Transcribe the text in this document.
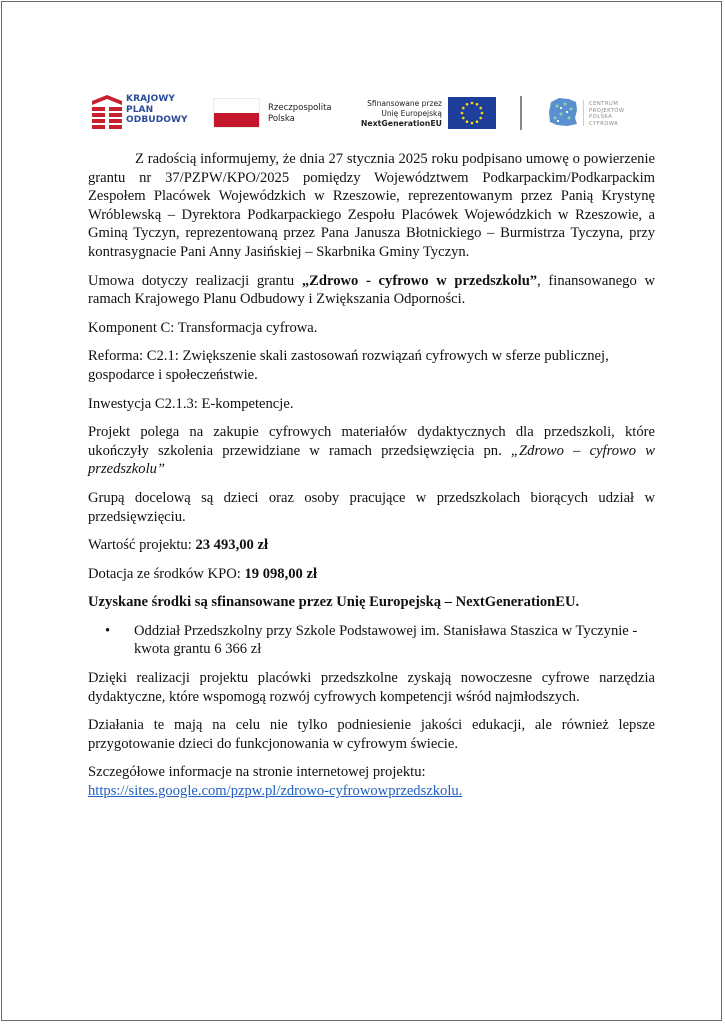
KRAJOWY
PLAN
ODBUDOWY
Rzeczpospolita
Polska
Sfinansowane przez
Unię Europejską
NextGenerationEU
CENTRUM
PROJEKTÓW
POLSKA
CYFROWA

Z radością informujemy, że dnia 27 stycznia 2025 roku podpisano umowę o powierzenie grantu nr 37/PZPW/KPO/2025 pomiędzy Województwem Podkarpackim/Podkarpackim Zespołem Placówek Wojewódzkich w Rzeszowie, reprezentowanym przez Panią Krystynę Wróblewską – Dyrektora Podkarpackiego Zespołu Placówek Wojewódzkich w Rzeszowie, a Gminą Tyczyn, reprezentowaną przez Pana Janusza Błotnickiego – Burmistrza Tyczyna, przy kontrasygnacie Pani Anny Jasińskiej – Skarbnika Gminy Tyczyn.

Umowa dotyczy realizacji grantu „Zdrowo - cyfrowo w przedszkolu”, finansowanego w ramach Krajowego Planu Odbudowy i Zwiększania Odporności.

Komponent C: Transformacja cyfrowa.

Reforma: C2.1: Zwiększenie skali zastosowań rozwiązań cyfrowych w sferze publicznej, gospodarce i społeczeństwie.

Inwestycja C2.1.3: E-kompetencje.

Projekt polega na zakupie cyfrowych materiałów dydaktycznych dla przedszkoli, które ukończyły szkolenia przewidziane w ramach przedsięwzięcia pn. „Zdrowo – cyfrowo w przedszkolu”

Grupą docelową są dzieci oraz osoby pracujące w przedszkolach biorących udział w przedsięwzięciu.

Wartość projektu: 23 493,00 zł

Dotacja ze środków KPO: 19 098,00 zł

Uzyskane środki są sfinansowane przez Unię Europejską – NextGenerationEU.

• Oddział Przedszkolny przy Szkole Podstawowej im. Stanisława Staszica w Tyczynie - kwota grantu 6 366 zł

Dzięki realizacji projektu placówki przedszkolne zyskają nowoczesne cyfrowe narzędzia dydaktyczne, które wspomogą rozwój cyfrowych kompetencji wśród najmłodszych.

Działania te mają na celu nie tylko podniesienie jakości edukacji, ale również lepsze przygotowanie dzieci do funkcjonowania w cyfrowym świecie.

Szczegółowe informacje na stronie internetowej projektu:
https://sites.google.com/pzpw.pl/zdrowo-cyfrowowprzedszkolu.
